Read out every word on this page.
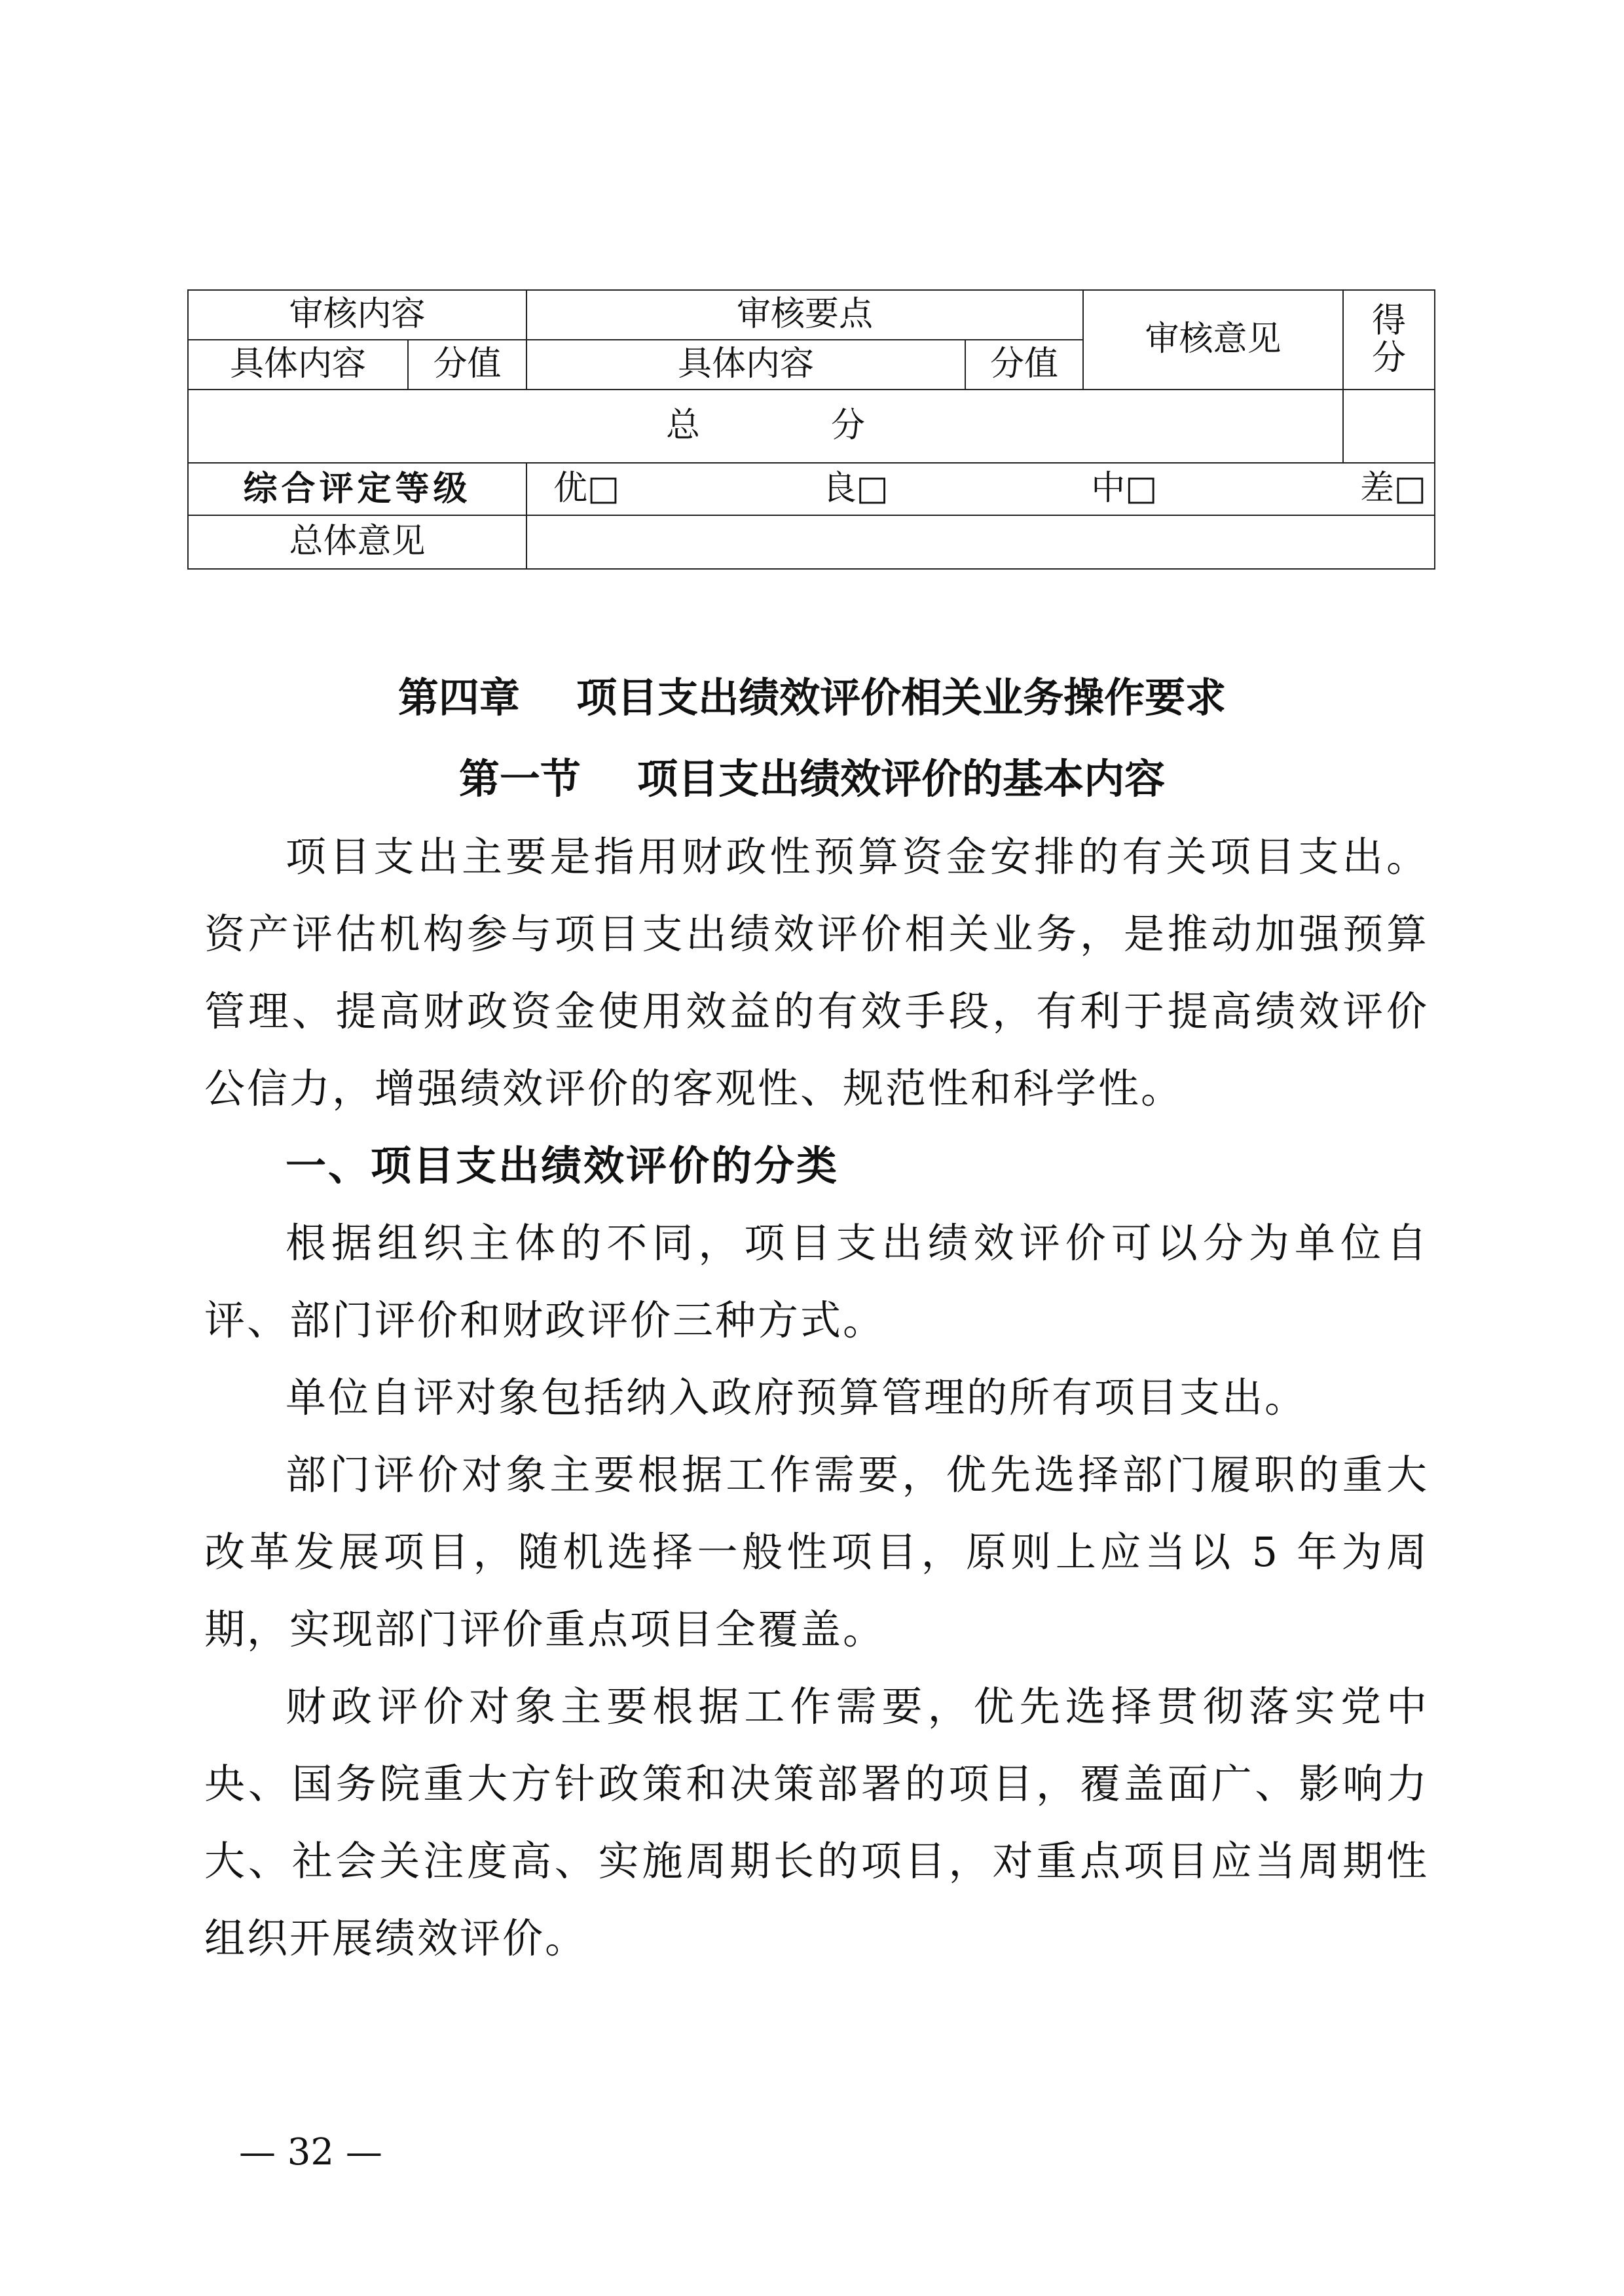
审核内容		审核要点		审核意见	得
分

具体内容	分值	具体内容	分值		
总 分					
综合评定等级		优□ 良□ 中□ 差□			

总体意见					
第四章    项目支出绩效评价相关业务操作要求
第一节    项目支出绩效评价的基本内容

项目支出主要是指用财政性预算资金安排的有关项目支出。资产评估机构参与项目支出绩效评价相关业务，是推动加强预算管理、提高财政资金使用效益的有效手段，有利于提高绩效评价公信力，增强绩效评价的客观性、规范性和科学性。

一、项目支出绩效评价的分类

根据组织主体的不同，项目支出绩效评价可以分为单位自评、部门评价和财政评价三种方式。

单位自评对象包括纳入政府预算管理的所有项目支出。

部门评价对象主要根据工作需要，优先选择部门履职的重大改革发展项目，随机选择一般性项目，原则上应当以 5 年为周期，实现部门评价重点项目全覆盖。

财政评价对象主要根据工作需要，优先选择贯彻落实党中央、国务院重大方针政策和决策部署的项目，覆盖面广、影响力大、社会关注度高、实施周期长的项目，对重点项目应当周期性组织开展绩效评价。

— 32 —
